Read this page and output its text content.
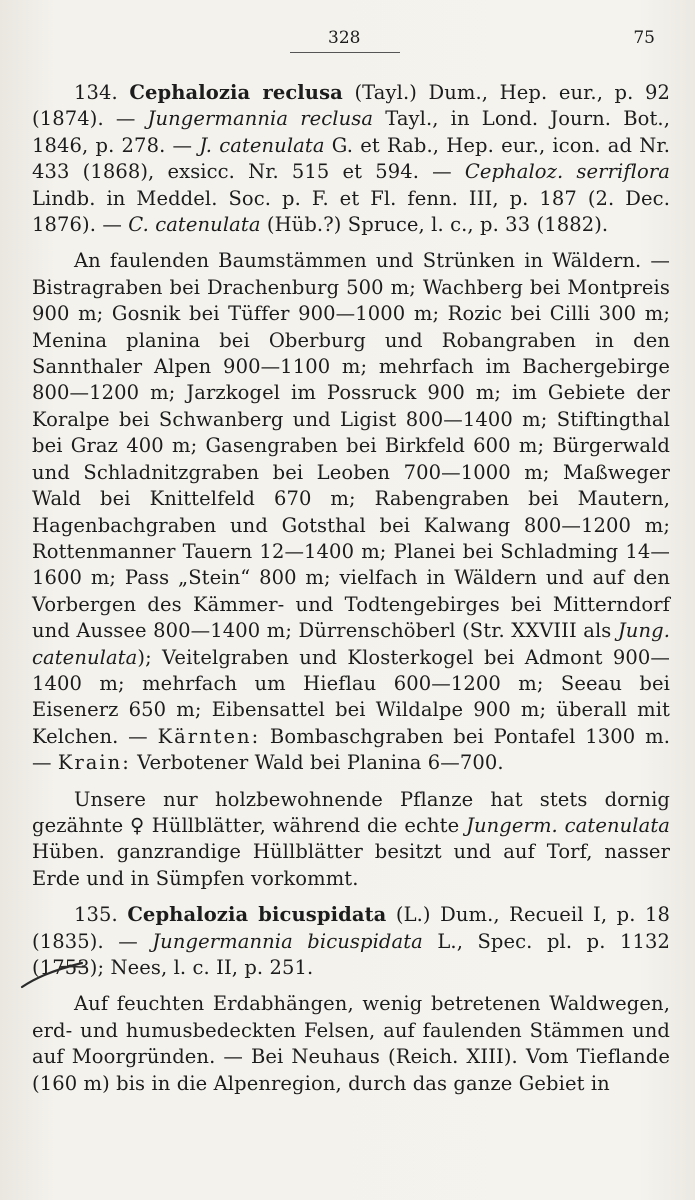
328	75

134. Cephalozia reclusa (Tayl.) Dum., Hep. eur., p. 92 (1874). — Jungermannia reclusa Tayl., in Lond. Journ. Bot., 1846, p. 278. — J. catenulata G. et Rab., Hep. eur., icon. ad Nr. 433 (1868), exsicc. Nr. 515 et 594. — Cephaloz. serriflora Lindb. in Meddel. Soc. p. F. et Fl. fenn. III, p. 187 (2. Dec. 1876). — C. catenulata (Hüb.?) Spruce, l. c., p. 33 (1882).

An faulenden Baumstämmen und Strünken in Wäldern. — Bistragraben bei Drachenburg 500 m; Wachberg bei Montpreis 900 m; Gosnik bei Tüffer 900—1000 m; Rozic bei Cilli 300 m; Menina planina bei Oberburg und Robangraben in den Sannthaler Alpen 900—1100 m; mehrfach im Bachergebirge 800—1200 m; Jarzkogel im Possruck 900 m; im Gebiete der Koralpe bei Schwanberg und Ligist 800—1400 m; Stiftingthal bei Graz 400 m; Gasengraben bei Birkfeld 600 m; Bürgerwald und Schladnitzgraben bei Leoben 700—1000 m; Maßweger Wald bei Knittelfeld 670 m; Rabengraben bei Mautern, Hagenbachgraben und Gotsthal bei Kalwang 800—1200 m; Rottenmanner Tauern 12—1400 m; Planei bei Schladming 14—1600 m; Pass „Stein“ 800 m; vielfach in Wäldern und auf den Vorbergen des Kämmer- und Todtengebirges bei Mitterndorf und Aussee 800—1400 m; Dürrenschöberl (Str. XXVIII als Jung. catenulata); Veitelgraben und Klosterkogel bei Admont 900—1400 m; mehrfach um Hieflau 600—1200 m; Seeau bei Eisenerz 650 m; Eibensattel bei Wildalpe 900 m; überall mit Kelchen. — Kärnten: Bombaschgraben bei Pontafel 1300 m. — Krain: Verbotener Wald bei Planina 6—700.

Unsere nur holzbewohnende Pflanze hat stets dornig gezähnte ♀ Hüllblätter, während die echte Jungerm. catenulata Hüben. ganzrandige Hüllblätter besitzt und auf Torf, nasser Erde und in Sümpfen vorkommt.

135. Cephalozia bicuspidata (L.) Dum., Recueil I, p. 18 (1835). — Jungermannia bicuspidata L., Spec. pl. p. 1132 (1753); Nees, l. c. II, p. 251.

Auf feuchten Erdabhängen, wenig betretenen Waldwegen, erd- und humusbedeckten Felsen, auf faulenden Stämmen und auf Moorgründen. — Bei Neuhaus (Reich. XIII). Vom Tieflande (160 m) bis in die Alpenregion, durch das ganze Gebiet in
